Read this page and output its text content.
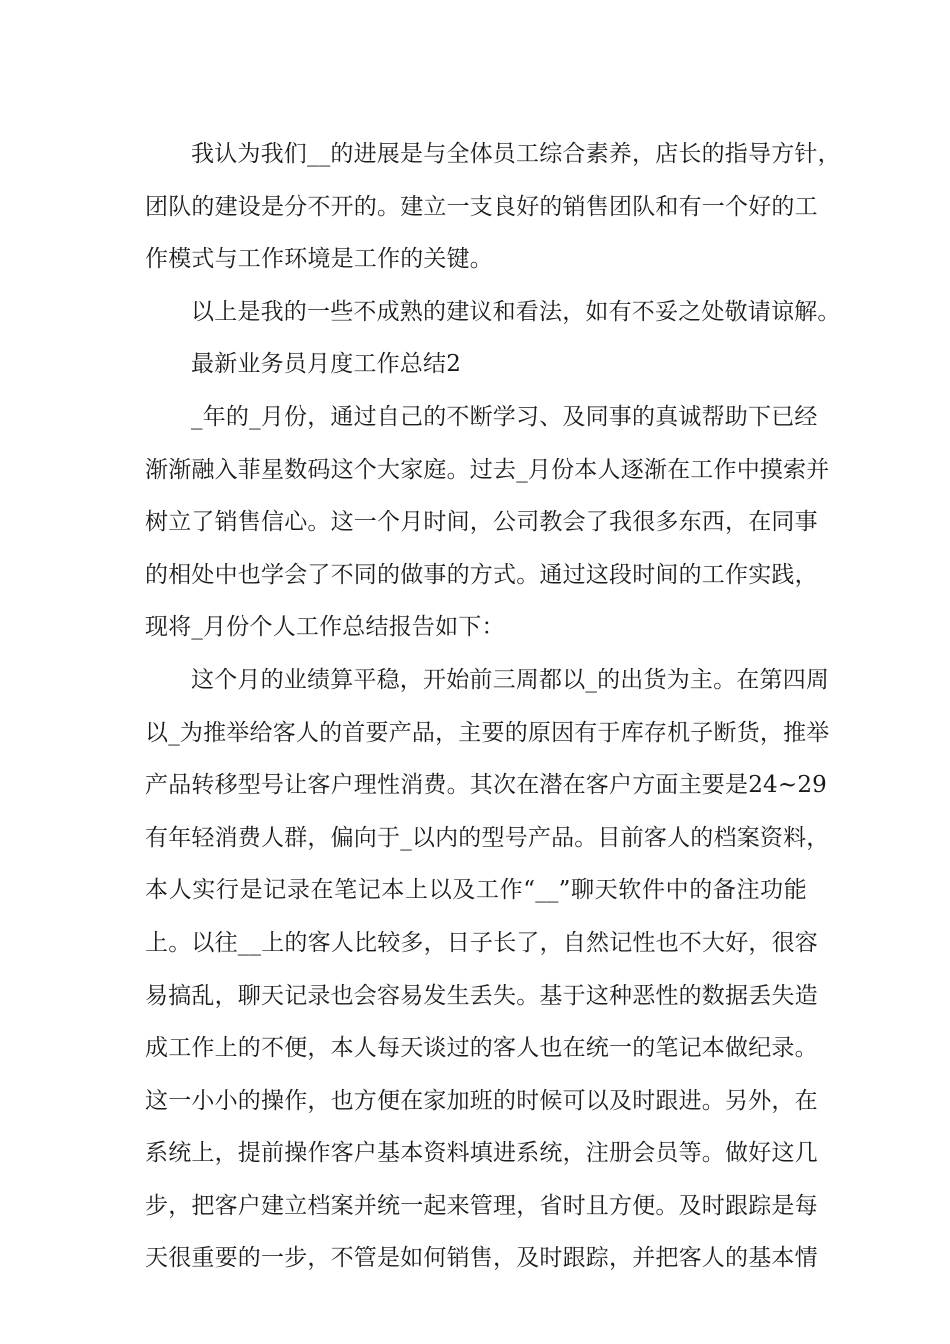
我认为我们__的进展是与全体员工综合素养，店长的指导方针，
团队的建设是分不开的。建立一支良好的销售团队和有一个好的工
作模式与工作环境是工作的关键。
以上是我的一些不成熟的建议和看法，如有不妥之处敬请谅解。
最新业务员月度工作总结2
_年的_月份，通过自己的不断学习、及同事的真诚帮助下已经
渐渐融入菲星数码这个大家庭。过去_月份本人逐渐在工作中摸索并
树立了销售信心。这一个月时间，公司教会了我很多东西，在同事
的相处中也学会了不同的做事的方式。通过这段时间的工作实践，
现将_月份个人工作总结报告如下：
这个月的业绩算平稳，开始前三周都以_的出货为主。在第四周
以_为推举给客人的首要产品，主要的原因有于库存机子断货，推举
产品转移型号让客户理性消费。其次在潜在客户方面主要是24~29
有年轻消费人群，偏向于_以内的型号产品。目前客人的档案资料，
本人实行是记录在笔记本上以及工作“__”聊天软件中的备注功能
上。以往__上的客人比较多，日子长了，自然记性也不大好，很容
易搞乱，聊天记录也会容易发生丢失。基于这种恶性的数据丢失造
成工作上的不便，本人每天谈过的客人也在统一的笔记本做纪录。
这一小小的操作，也方便在家加班的时候可以及时跟进。另外，在
系统上，提前操作客户基本资料填进系统，注册会员等。做好这几
步，把客户建立档案并统一起来管理，省时且方便。及时跟踪是每
天很重要的一步，不管是如何销售，及时跟踪，并把客人的基本情
